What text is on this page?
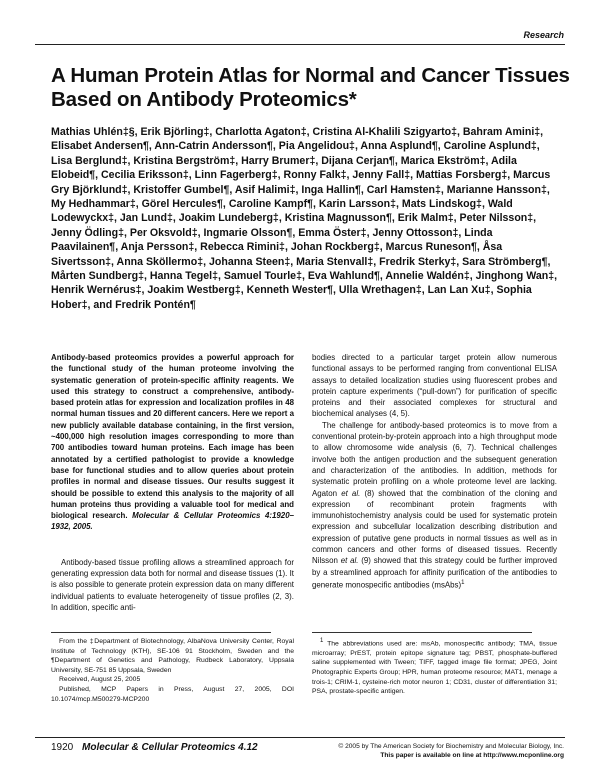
Research
A Human Protein Atlas for Normal and Cancer Tissues Based on Antibody Proteomics*
Mathias Uhlén‡§, Erik Björling‡, Charlotta Agaton‡, Cristina Al-Khalili Szigyarto‡, Bahram Amini‡, Elisabet Andersen¶, Ann-Catrin Andersson¶, Pia Angelidou‡, Anna Asplund¶, Caroline Asplund‡, Lisa Berglund‡, Kristina Bergström‡, Harry Brumer‡, Dijana Cerjan¶, Marica Ekström‡, Adila Elobeid¶, Cecilia Eriksson‡, Linn Fagerberg‡, Ronny Falk‡, Jenny Fall‡, Mattias Forsberg‡, Marcus Gry Björklund‡, Kristoffer Gumbel¶, Asif Halimi‡, Inga Hallin¶, Carl Hamsten‡, Marianne Hansson‡, My Hedhammar‡, Görel Hercules¶, Caroline Kampf¶, Karin Larsson‡, Mats Lindskog‡, Wald Lodewyckx‡, Jan Lund‡, Joakim Lundeberg‡, Kristina Magnusson¶, Erik Malm‡, Peter Nilsson‡, Jenny Ödling‡, Per Oksvold‡, Ingmarie Olsson¶, Emma Öster‡, Jenny Ottosson‡, Linda Paavilainen¶, Anja Persson‡, Rebecca Rimini‡, Johan Rockberg‡, Marcus Runeson¶, Åsa Sivertsson‡, Anna Sköllermo‡, Johanna Steen‡, Maria Stenvall‡, Fredrik Sterky‡, Sara Strömberg¶, Mårten Sundberg‡, Hanna Tegel‡, Samuel Tourle‡, Eva Wahlund¶, Annelie Waldén‡, Jinghong Wan‡, Henrik Wernérus‡, Joakim Westberg‡, Kenneth Wester¶, Ulla Wrethagen‡, Lan Lan Xu‡, Sophia Hober‡, and Fredrik Pontén¶

Antibody-based proteomics provides a powerful approach for the functional study of the human proteome involving the systematic generation of protein-specific affinity reagents. We used this strategy to construct a comprehensive, antibody-based protein atlas for expression and localization profiles in 48 normal human tissues and 20 different cancers. Here we report a new publicly available database containing, in the first version, ~400,000 high resolution images corresponding to more than 700 antibodies toward human proteins. Each image has been annotated by a certified pathologist to provide a knowledge base for functional studies and to allow queries about protein profiles in normal and disease tissues. Our results suggest it should be possible to extend this analysis to the majority of all human proteins thus providing a valuable tool for medical and biological research. Molecular & Cellular Proteomics 4:1920–1932, 2005.

Antibody-based tissue profiling allows a streamlined approach for generating expression data both for normal and disease tissues (1). It is also possible to generate protein expression data on many different individual patients to evaluate heterogeneity of tissue profiles (2, 3). In addition, specific anti-

bodies directed to a particular target protein allow numerous functional assays to be performed ranging from conventional ELISA assays to detailed localization studies using fluorescent probes and protein capture experiments (“pull-down”) for purification of specific proteins and their associated complexes for structural and biochemical analyses (4, 5).

The challenge for antibody-based proteomics is to move from a conventional protein-by-protein approach into a high throughput mode to allow chromosome wide analysis (6, 7). Technical challenges involve both the antigen production and the subsequent generation and characterization of the antibodies. In addition, methods for systematic protein profiling on a whole proteome level are lacking. Agaton et al. (8) showed that the combination of the cloning and expression of recombinant protein fragments with immunohistochemistry analysis could be used for systematic protein expression and subcellular localization describing distribution and expression of putative gene products in normal tissues as well as in common cancers and other forms of diseased tissues. Recently Nilsson et al. (9) showed that this strategy could be further improved by a streamlined approach for affinity purification of the antibodies to generate monospecific antibodies (msAbs)$^1$

From the ‡Department of Biotechnology, AlbaNova University Center, Royal Institute of Technology (KTH), SE-106 91 Stockholm, Sweden and the ¶Department of Genetics and Pathology, Rudbeck Laboratory, Uppsala University, SE-751 85 Uppsala, Sweden
Received, August 25, 2005
Published, MCP Papers in Press, August 27, 2005, DOI 10.1074/mcp.M500279-MCP200
$^1$ The abbreviations used are: msAb, monospecific antibody; TMA, tissue microarray; PrEST, protein epitope signature tag; PBST, phosphate-buffered saline supplemented with Tween; TIFF, tagged image file format; JPEG, Joint Photographic Experts Group; HPR, human proteome resource; MAT1, menage a trois-1; CRIM-1, cysteine-rich motor neuron 1; CD31, cluster of differentiation 31; PSA, prostate-specific antigen.
1920 Molecular & Cellular Proteomics 4.12	© 2005 by The American Society for Biochemistry and Molecular Biology, Inc.
This paper is available on line at http://www.mcponline.org
